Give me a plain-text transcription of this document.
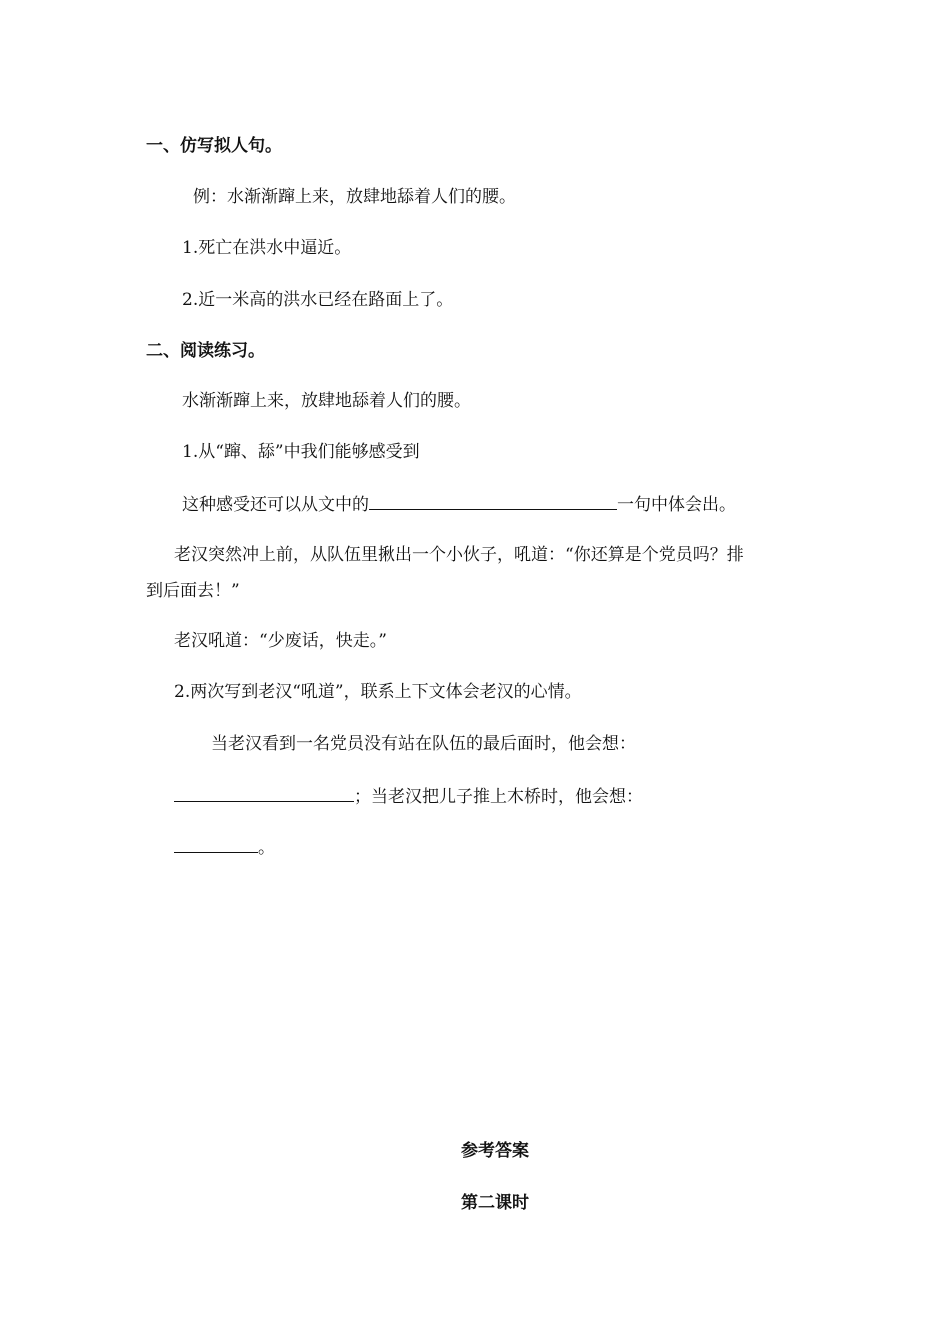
一、仿写拟人句。
例：水渐渐蹿上来，放肆地舔着人们的腰。
1.死亡在洪水中逼近。
2.近一米高的洪水已经在路面上了。
二、阅读练习。
水渐渐蹿上来，放肆地舔着人们的腰。
1.从“蹿、舔”中我们能够感受到
这种感受还可以从文中的	一句中体会出。
老汉突然冲上前，从队伍里揪出一个小伙子，吼道：“你还算是个党员吗？排
到后面去！”
老汉吼道：“少废话，快走。”
2.两次写到老汉“吼道”，联系上下文体会老汉的心情。
当老汉看到一名党员没有站在队伍的最后面时，他会想：
；当老汉把儿子推上木桥时，他会想：
。
参考答案
第二课时
